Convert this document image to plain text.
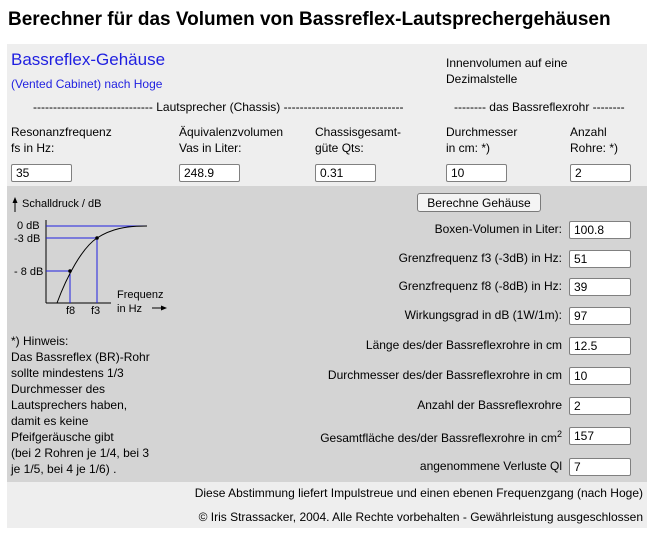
Berechner für das Volumen von Bassreflex-Lautsprechergehäusen
Bassreflex-Gehäuse
(Vented Cabinet) nach Hoge
Innenvolumen auf eine
Dezimalstelle
------------------------------ Lautsprecher (Chassis) ------------------------------	-------- das Bassreflexrohr --------
Resonanzfrequenz
fs in Hz:
Äquivalenzvolumen
Vas in Liter:
Chassisgesamt-
güte Qts:
Durchmesser
in cm: *)
Anzahl
Rohre: *)
35
248.9
0.31
10
2
Berechne Gehäuse
Schalldruck / dB
0 dB
-3 dB
- 8 dB
f8 f3
Frequenz
in Hz
*) Hinweis:
Das Bassreflex (BR)-Rohr
sollte mindestens 1/3
Durchmesser des
Lautsprechers haben,
damit es keine
Pfeifgeräusche gibt
(bei 2 Rohren je 1/4, bei 3
je 1/5, bei 4 je 1/6) .
Boxen-Volumen in Liter:
Grenzfrequenz f3 (-3dB) in Hz:
Grenzfrequenz f8 (-8dB) in Hz:
Wirkungsgrad in dB (1W/1m):
Länge des/der Bassreflexrohre in cm
Durchmesser des/der Bassreflexrohre in cm
Anzahl der Bassreflexrohre
Gesamtfläche des/der Bassreflexrohre in $cm^2$
angenommene Verluste Ql
100.8
51
39
97
12.5
10
2
157
7
Diese Abstimmung liefert Impulstreue und einen ebenen Frequenzgang (nach Hoge)
© Iris Strassacker, 2004. Alle Rechte vorbehalten - Gewährleistung ausgeschlossen
